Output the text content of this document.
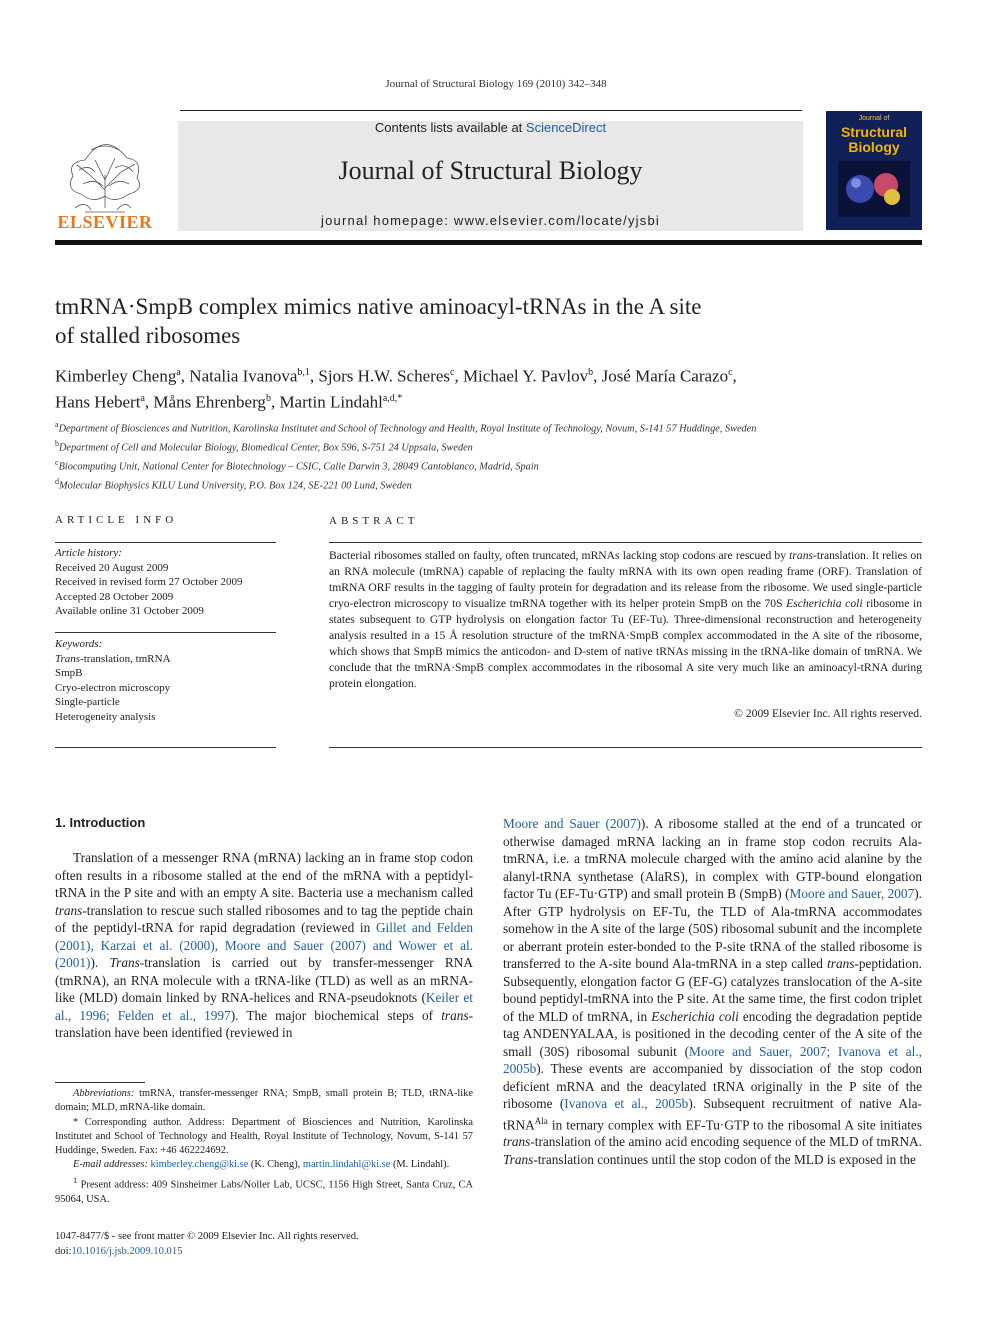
Journal of Structural Biology 169 (2010) 342–348
ELSEVIER
Contents lists available at ScienceDirect
Journal of Structural Biology
journal homepage: www.elsevier.com/locate/yjsbi
Journal of
Structural
Biology
tmRNA·SmpB complex mimics native aminoacyl-tRNAs in the A site
of stalled ribosomes
Kimberley Cheng$^a$, Natalia Ivanova$^{b,1}$, Sjors H.W. Scheres$^c$, Michael Y. Pavlov$^b$, José María Carazo$^c$,
Hans Hebert$^a$, Måns Ehrenberg$^b$, Martin Lindahl$^{a,d,*}$
$^a$Department of Biosciences and Nutrition, Karolinska Institutet and School of Technology and Health, Royal Institute of Technology, Novum, S-141 57 Huddinge, Sweden
$^b$Department of Cell and Molecular Biology, Biomedical Center, Box 596, S-751 24 Uppsala, Sweden
$^c$Biocomputing Unit, National Center for Biotechnology – CSIC, Calle Darwin 3, 28049 Cantoblanco, Madrid, Spain
$^d$Molecular Biophysics KILU Lund University, P.O. Box 124, SE-221 00 Lund, Sweden
ARTICLE INFO
Article history:
Received 20 August 2009
Received in revised form 27 October 2009
Accepted 28 October 2009
Available online 31 October 2009
Keywords:
Trans-translation, tmRNA
SmpB
Cryo-electron microscopy
Single-particle
Heterogeneity analysis
ABSTRACT
Bacterial ribosomes stalled on faulty, often truncated, mRNAs lacking stop codons are rescued by trans-translation. It relies on an RNA molecule (tmRNA) capable of replacing the faulty mRNA with its own open reading frame (ORF). Translation of tmRNA ORF results in the tagging of faulty protein for degradation and its release from the ribosome. We used single-particle cryo-electron microscopy to visualize tmRNA together with its helper protein SmpB on the 70S Escherichia coli ribosome in states subsequent to GTP hydrolysis on elongation factor Tu (EF-Tu). Three-dimensional reconstruction and heterogeneity analysis resulted in a 15 Å resolution structure of the tmRNA·SmpB complex accommodated in the A site of the ribosome, which shows that SmpB mimics the anticodon- and D-stem of native tRNAs missing in the tRNA-like domain of tmRNA. We conclude that the tmRNA·SmpB complex accommodates in the ribosomal A site very much like an aminoacyl-tRNA during protein elongation.
© 2009 Elsevier Inc. All rights reserved.
1. Introduction
Translation of a messenger RNA (mRNA) lacking an in frame stop codon often results in a ribosome stalled at the end of the mRNA with a peptidyl-tRNA in the P site and with an empty A site. Bacteria use a mechanism called trans-translation to rescue such stalled ribosomes and to tag the peptide chain of the peptidyl-tRNA for rapid degradation (reviewed in Gillet and Felden (2001), Karzai et al. (2000), Moore and Sauer (2007) and Wower et al. (2001)). Trans-translation is carried out by transfer-messenger RNA (tmRNA), an RNA molecule with a tRNA-like (TLD) as well as an mRNA-like (MLD) domain linked by RNA-helices and RNA-pseudoknots (Keiler et al., 1996; Felden et al., 1997). The major biochemical steps of trans-translation have been identified (reviewed in
Moore and Sauer (2007)). A ribosome stalled at the end of a truncated or otherwise damaged mRNA lacking an in frame stop codon recruits Ala-tmRNA, i.e. a tmRNA molecule charged with the amino acid alanine by the alanyl-tRNA synthetase (AlaRS), in complex with GTP-bound elongation factor Tu (EF-Tu·GTP) and small protein B (SmpB) (Moore and Sauer, 2007). After GTP hydrolysis on EF-Tu, the TLD of Ala-tmRNA accommodates somehow in the A site of the large (50S) ribosomal subunit and the incomplete or aberrant protein ester-bonded to the P-site tRNA of the stalled ribosome is transferred to the A-site bound Ala-tmRNA in a step called trans-peptidation. Subsequently, elongation factor G (EF-G) catalyzes translocation of the A-site bound peptidyl-tmRNA into the P site. At the same time, the first codon triplet of the MLD of tmRNA, in Escherichia coli encoding the degradation peptide tag ANDENYALAA, is positioned in the decoding center of the A site of the small (30S) ribosomal subunit (Moore and Sauer, 2007; Ivanova et al., 2005b). These events are accompanied by dissociation of the stop codon deficient mRNA and the deacylated tRNA originally in the P site of the ribosome (Ivanova et al., 2005b). Subsequent recruitment of native Ala-tRNA$^{Ala}$ in ternary complex with EF-Tu·GTP to the ribosomal A site initiates trans-translation of the amino acid encoding sequence of the MLD of tmRNA. Trans-translation continues until the stop codon of the MLD is exposed in the
Abbreviations: tmRNA, transfer-messenger RNA; SmpB, small protein B; TLD, tRNA-like domain; MLD, mRNA-like domain.
* Corresponding author. Address: Department of Biosciences and Nutrition, Karolinska Institutet and School of Technology and Health, Royal Institute of Technology, Novum, S-141 57 Huddinge, Sweden. Fax: +46 462224692.
E-mail addresses: kimberley.cheng@ki.se (K. Cheng), martin.lindahl@ki.se (M. Lindahl).
$^1$ Present address: 409 Sinsheimer Labs/Noller Lab, UCSC, 1156 High Street, Santa Cruz, CA 95064, USA.
1047-8477/$ - see front matter © 2009 Elsevier Inc. All rights reserved.
doi:10.1016/j.jsb.2009.10.015
